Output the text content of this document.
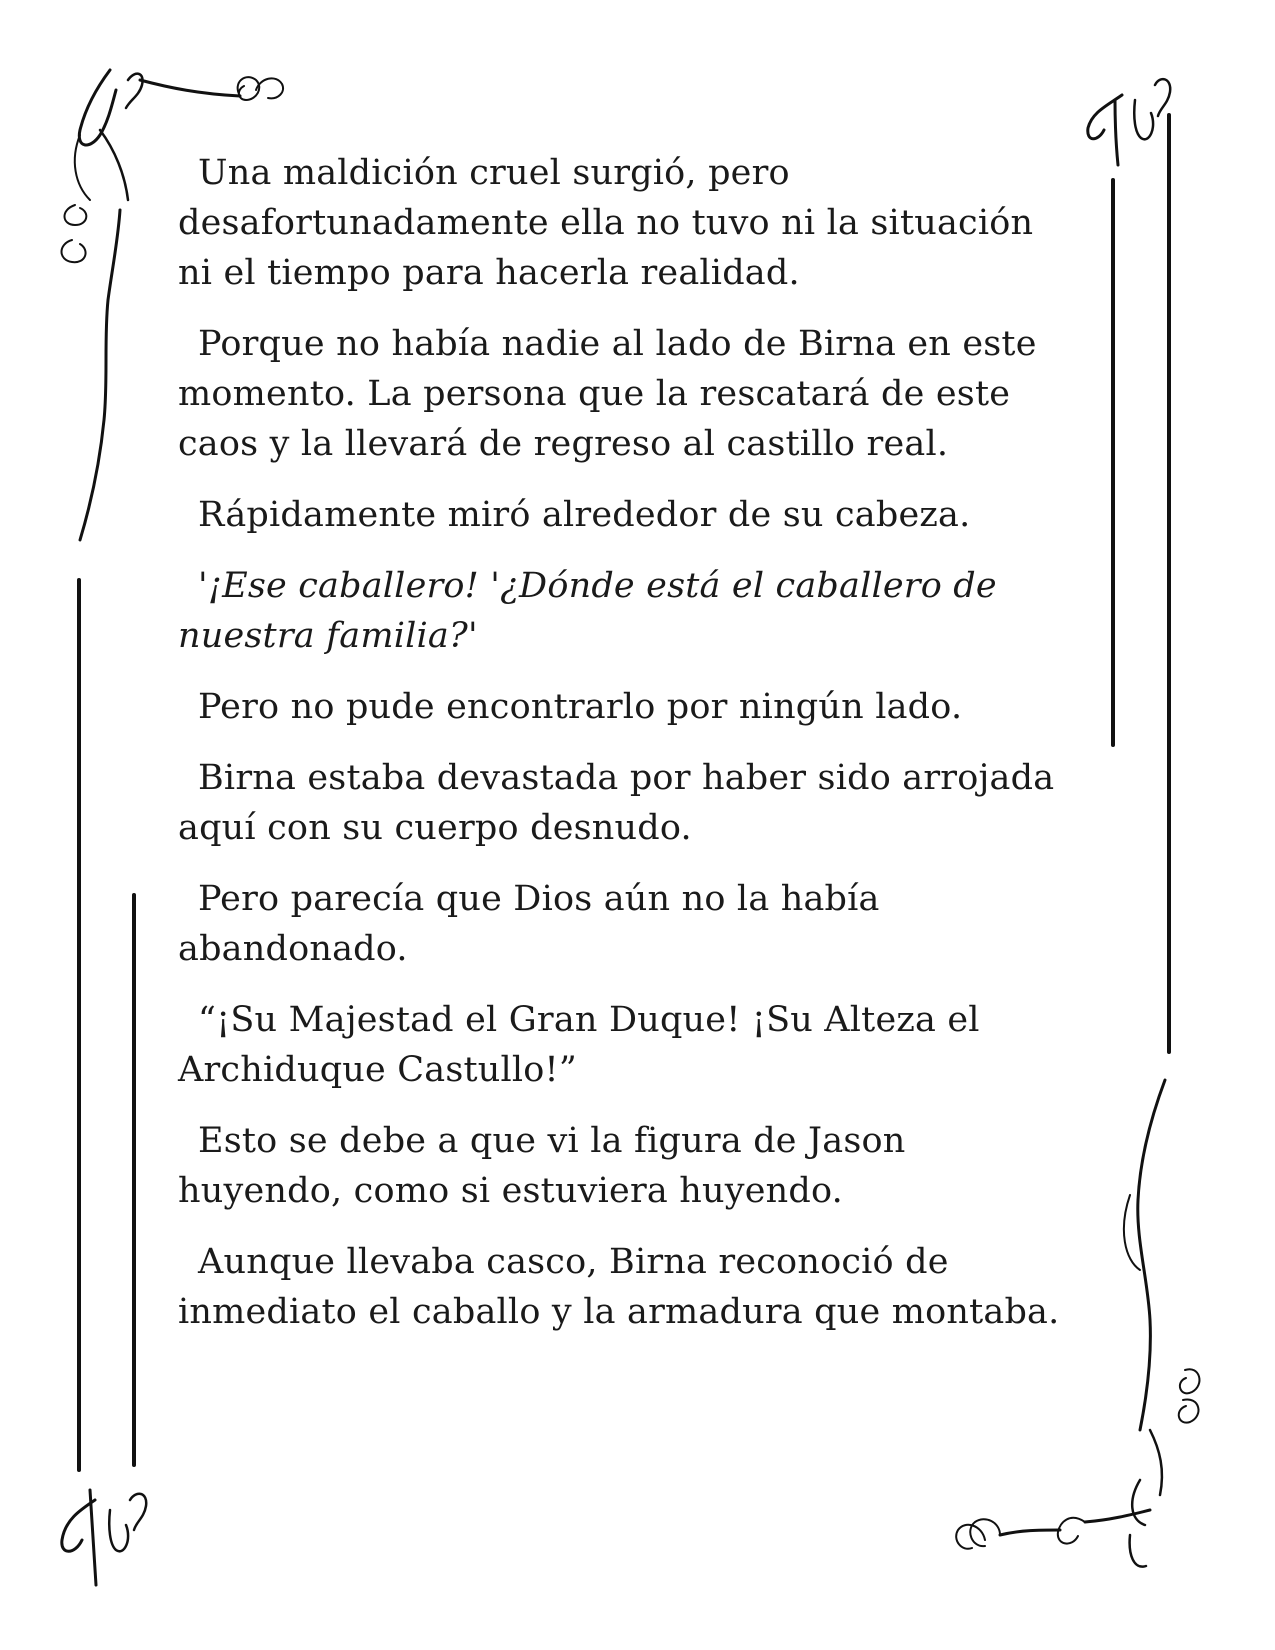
Una maldición cruel surgió, pero desafortunadamente ella no tuvo ni la situación ni el tiempo para hacerla realidad.

Porque no había nadie al lado de Birna en este momento. La persona que la rescatará de este caos y la llevará de regreso al castillo real.

Rápidamente miró alrededor de su cabeza.

'¡Ese caballero! '¿Dónde está el caballero de nuestra familia?'

Pero no pude encontrarlo por ningún lado.

Birna estaba devastada por haber sido arrojada aquí con su cuerpo desnudo.

Pero parecía que Dios aún no la había abandonado.

“¡Su Majestad el Gran Duque! ¡Su Alteza el Archiduque Castullo!”

Esto se debe a que vi la figura de Jason huyendo, como si estuviera huyendo.

Aunque llevaba casco, Birna reconoció de inmediato el caballo y la armadura que montaba.
